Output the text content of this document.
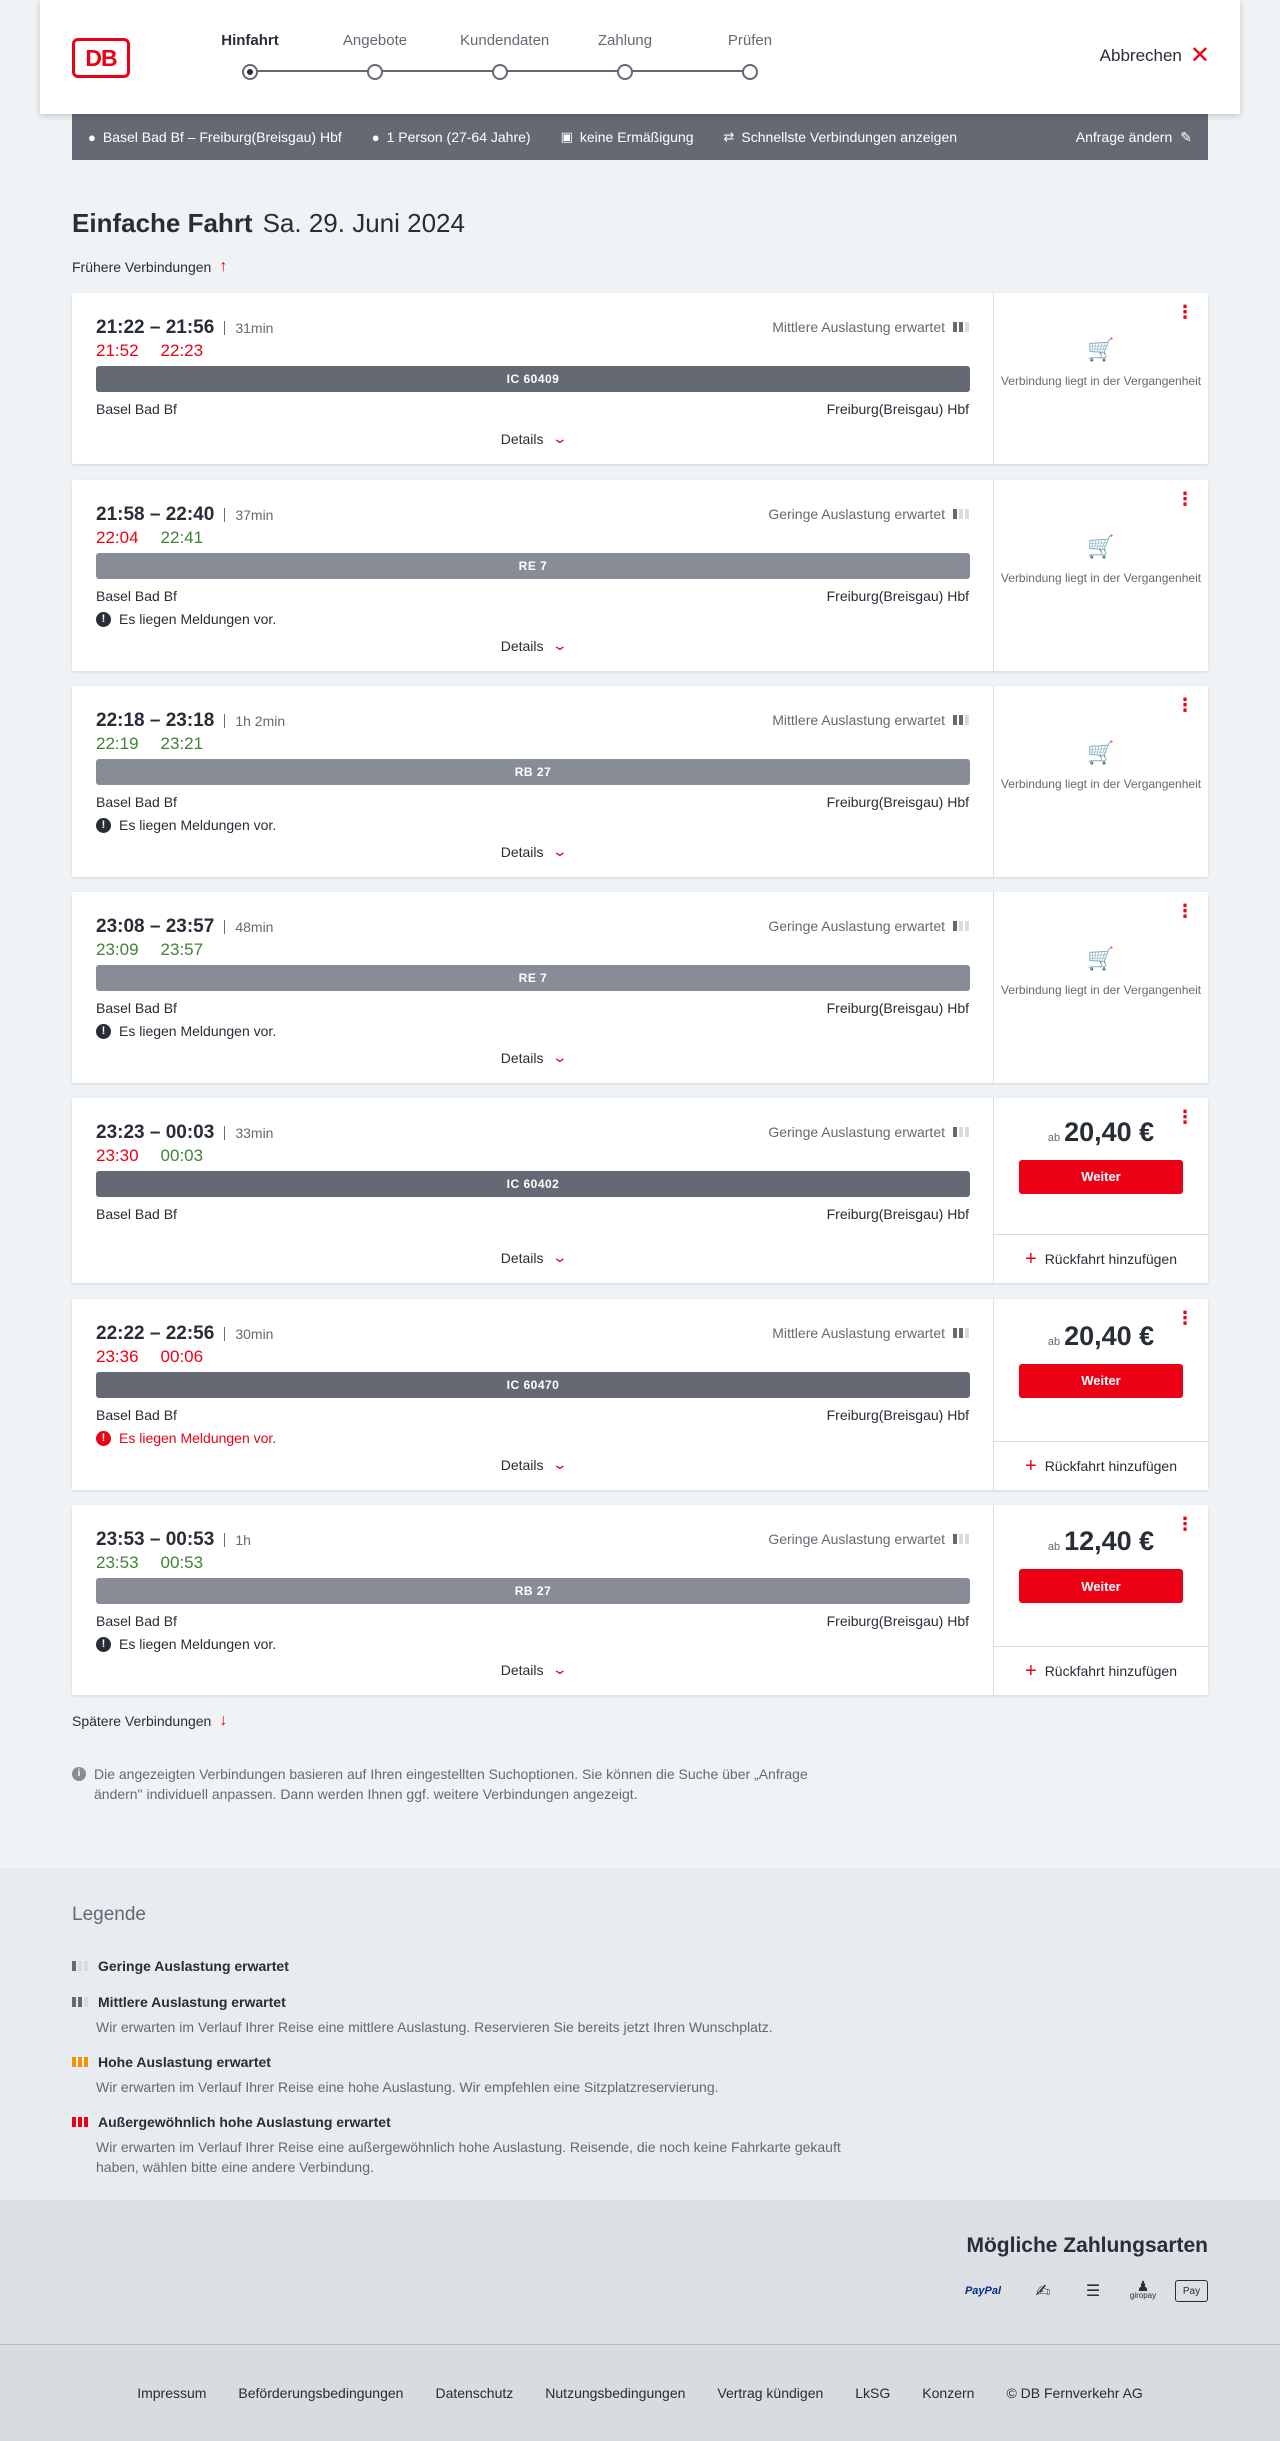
DB
Hinfahrt	Angebote	Kundendaten	Zahlung	Prüfen
Abbrechen ✕
● Basel Bad Bf – Freiburg(Breisgau) Hbf ● 1 Person (27-64 Jahre) ▣ keine Ermäßigung ⇄ Schnellste Verbindungen anzeigen	Anfrage ändern ✎
Einfache Fahrt Sa. 29. Juni 2024
Frühere Verbindungen ↑
21:22 – 21:56	31min
21:52 22:23
Mittlere Auslastung erwartet
IC 60409
Basel Bad Bf	Freiburg(Breisgau) Hbf
Details ⌄
⋮
🛒
Verbindung liegt in der Vergangenheit
21:58 – 22:40	37min
22:04 22:41
Geringe Auslastung erwartet
RE 7
Basel Bad Bf	Freiburg(Breisgau) Hbf
! Es liegen Meldungen vor.
Details ⌄
⋮
🛒
Verbindung liegt in der Vergangenheit
22:18 – 23:18	1h 2min
22:19 23:21
Mittlere Auslastung erwartet
RB 27
Basel Bad Bf	Freiburg(Breisgau) Hbf
! Es liegen Meldungen vor.
Details ⌄
⋮
🛒
Verbindung liegt in der Vergangenheit
23:08 – 23:57	48min
23:09 23:57
Geringe Auslastung erwartet
RE 7
Basel Bad Bf	Freiburg(Breisgau) Hbf
! Es liegen Meldungen vor.
Details ⌄
⋮
🛒
Verbindung liegt in der Vergangenheit
23:23 – 00:03	33min
23:30 00:03
Geringe Auslastung erwartet
IC 60402
Basel Bad Bf	Freiburg(Breisgau) Hbf
Details ⌄
⋮
ab 20,40 €
Weiter
+ Rückfahrt hinzufügen
22:22 – 22:56	30min
23:36 00:06
Mittlere Auslastung erwartet
IC 60470
Basel Bad Bf	Freiburg(Breisgau) Hbf
! Es liegen Meldungen vor.
Details ⌄
⋮
ab 20,40 €
Weiter
+ Rückfahrt hinzufügen
23:53 – 00:53	1h
23:53 00:53
Geringe Auslastung erwartet
RB 27
Basel Bad Bf	Freiburg(Breisgau) Hbf
! Es liegen Meldungen vor.
Details ⌄
⋮
ab 12,40 €
Weiter
+ Rückfahrt hinzufügen
Spätere Verbindungen ↓
i Die angezeigten Verbindungen basieren auf Ihren eingestellten Suchoptionen. Sie können die Suche über „Anfrage ändern" individuell anpassen. Dann werden Ihnen ggf. weitere Verbindungen angezeigt.
Legende
Geringe Auslastung erwartet
Mittlere Auslastung erwartet
Wir erwarten im Verlauf Ihrer Reise eine mittlere Auslastung. Reservieren Sie bereits jetzt Ihren Wunschplatz.
Hohe Auslastung erwartet
Wir erwarten im Verlauf Ihrer Reise eine hohe Auslastung. Wir empfehlen eine Sitzplatzreservierung.
Außergewöhnlich hohe Auslastung erwartet
Wir erwarten im Verlauf Ihrer Reise eine außergewöhnlich hohe Auslastung. Reisende, die noch keine Fahrkarte gekauft haben, wählen bitte eine andere Verbindung.
Mögliche Zahlungsarten
PayPal	✍	☰	♟
giropay	Pay
Impressum Beförderungsbedingungen Datenschutz Nutzungsbedingungen Vertrag kündigen LkSG Konzern © DB Fernverkehr AG
